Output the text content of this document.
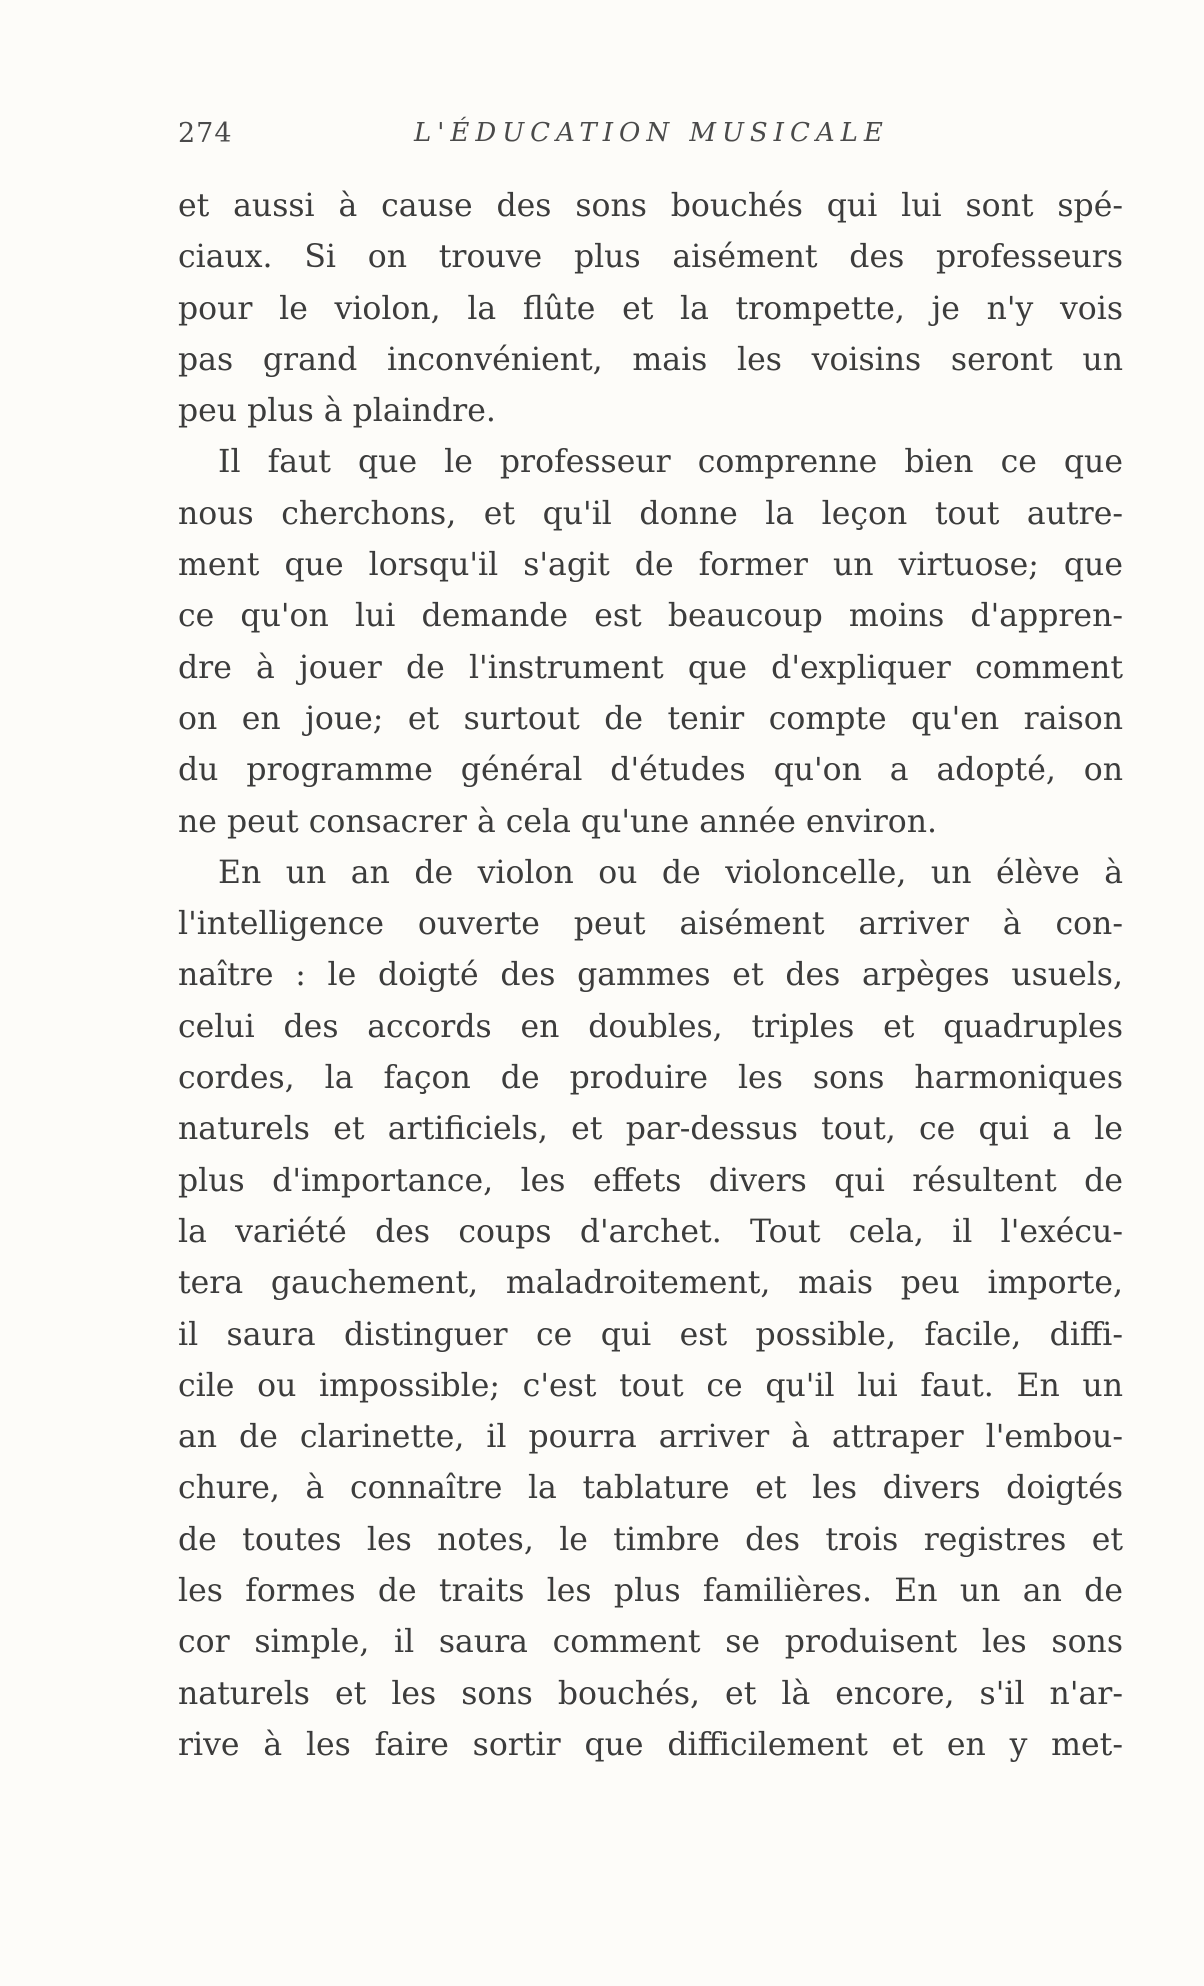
274	L'ÉDUCATION MUSICALE
et aussi à cause des sons bouchés qui lui sont spé-
ciaux. Si on trouve plus aisément des professeurs
pour le violon, la flûte et la trompette, je n'y vois
pas grand inconvénient, mais les voisins seront un
peu plus à plaindre.
Il faut que le professeur comprenne bien ce que
nous cherchons, et qu'il donne la leçon tout autre-
ment que lorsqu'il s'agit de former un virtuose; que
ce qu'on lui demande est beaucoup moins d'appren-
dre à jouer de l'instrument que d'expliquer comment
on en joue; et surtout de tenir compte qu'en raison
du programme général d'études qu'on a adopté, on
ne peut consacrer à cela qu'une année environ.
En un an de violon ou de violoncelle, un élève à
l'intelligence ouverte peut aisément arriver à con-
naître : le doigté des gammes et des arpèges usuels,
celui des accords en doubles, triples et quadruples
cordes, la façon de produire les sons harmoniques
naturels et artificiels, et par-dessus tout, ce qui a le
plus d'importance, les effets divers qui résultent de
la variété des coups d'archet. Tout cela, il l'exécu-
tera gauchement, maladroitement, mais peu importe,
il saura distinguer ce qui est possible, facile, diffi-
cile ou impossible; c'est tout ce qu'il lui faut. En un
an de clarinette, il pourra arriver à attraper l'embou-
chure, à connaître la tablature et les divers doigtés
de toutes les notes, le timbre des trois registres et
les formes de traits les plus familières. En un an de
cor simple, il saura comment se produisent les sons
naturels et les sons bouchés, et là encore, s'il n'ar-
rive à les faire sortir que difficilement et en y met-
